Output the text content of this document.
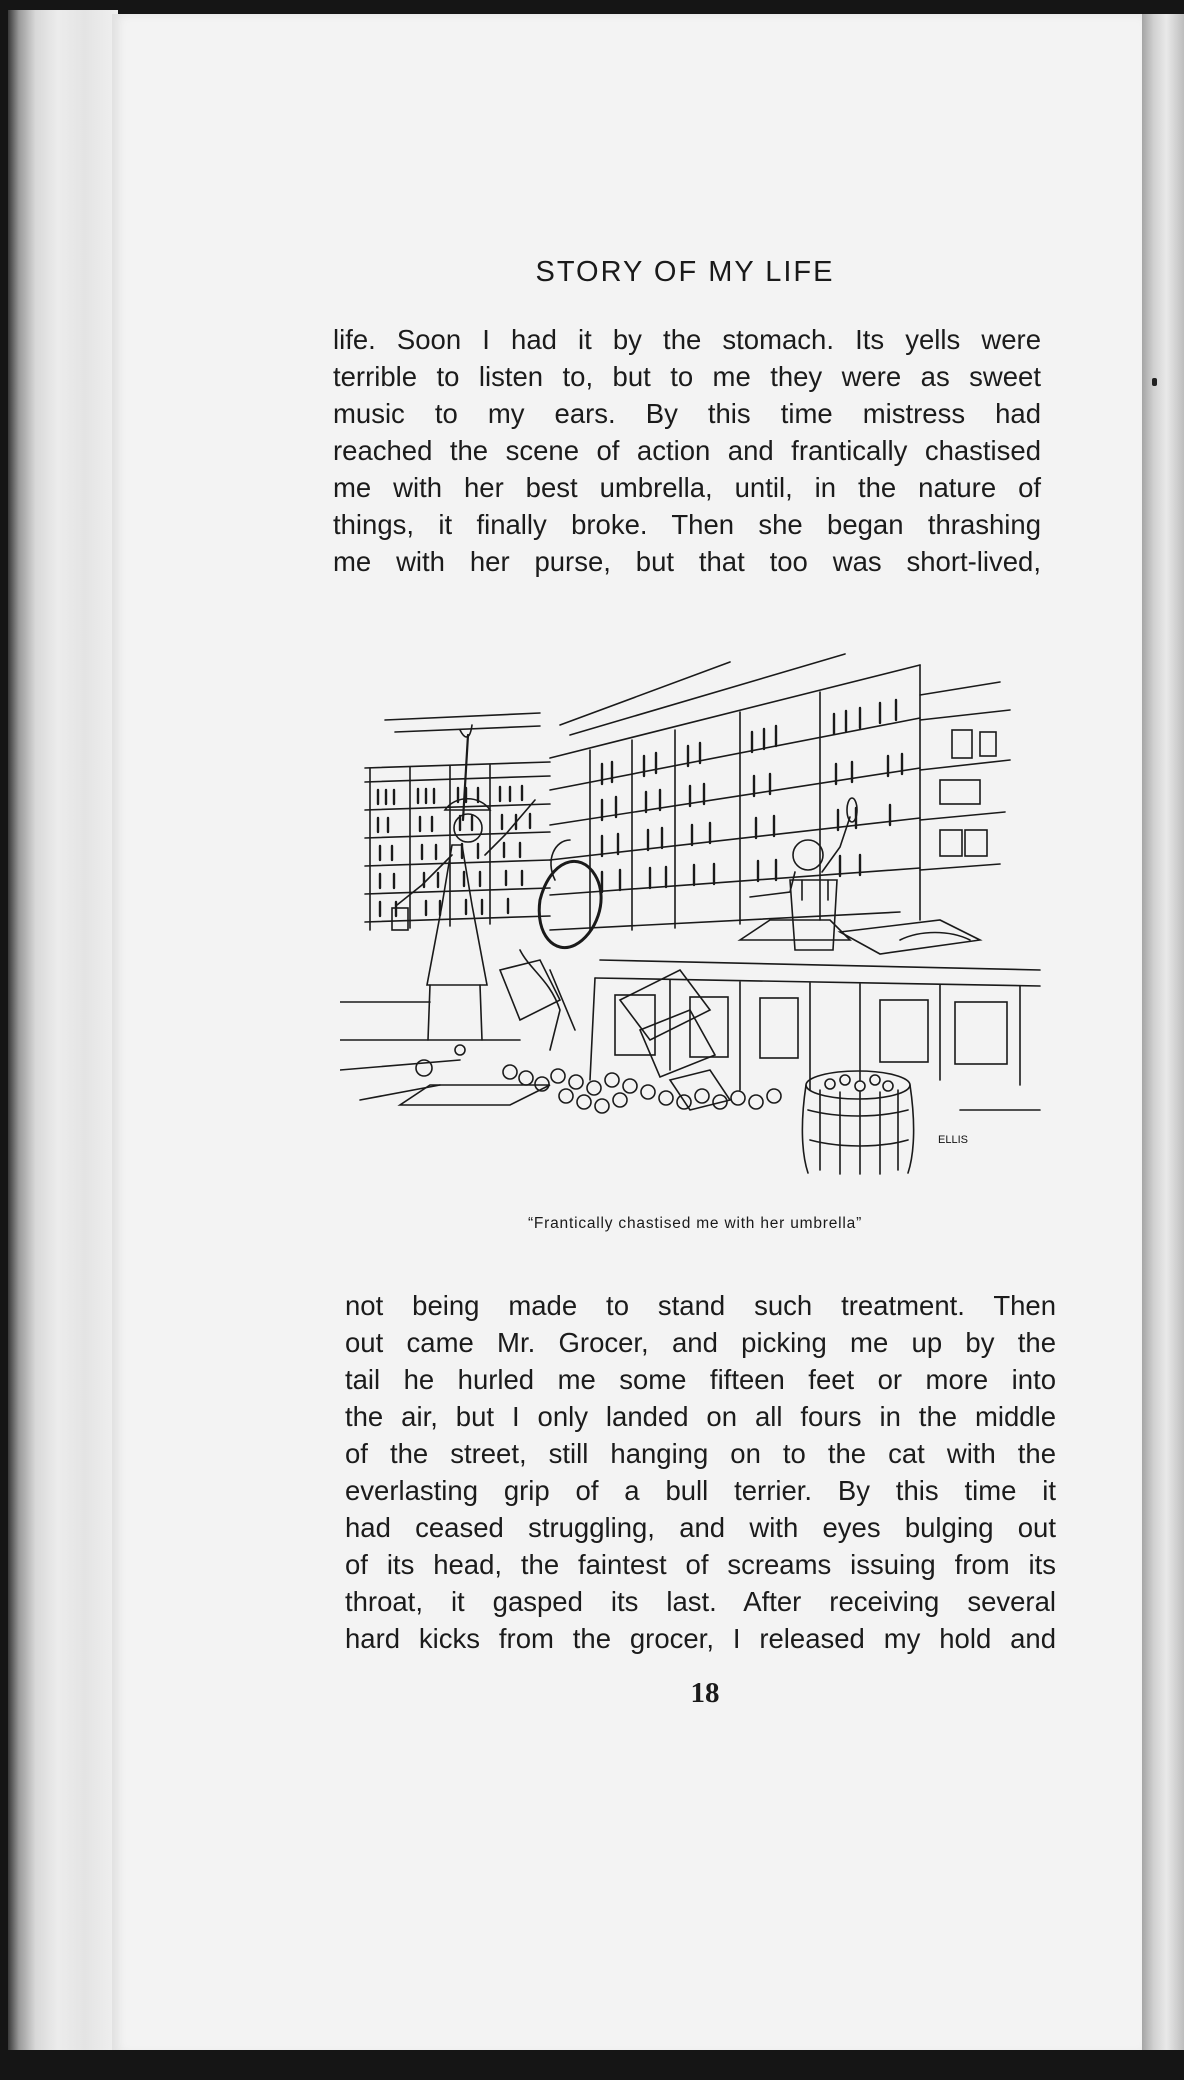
STORY OF MY LIFE
life. Soon I had it by the stomach. Its yells were
terrible to listen to, but to me they were as sweet
music to my ears. By this time mistress had
reached the scene of action and frantically chastised
me with her best umbrella, until, in the nature of
things, it finally broke. Then she began thrashing
me with her purse, but that too was short-lived,
ELLIS
“Frantically chastised me with her umbrella”
not being made to stand such treatment. Then
out came Mr. Grocer, and picking me up by the
tail he hurled me some fifteen feet or more into
the air, but I only landed on all fours in the middle
of the street, still hanging on to the cat with the
everlasting grip of a bull terrier. By this time it
had ceased struggling, and with eyes bulging out
of its head, the faintest of screams issuing from its
throat, it gasped its last. After receiving several
hard kicks from the grocer, I released my hold and
18
